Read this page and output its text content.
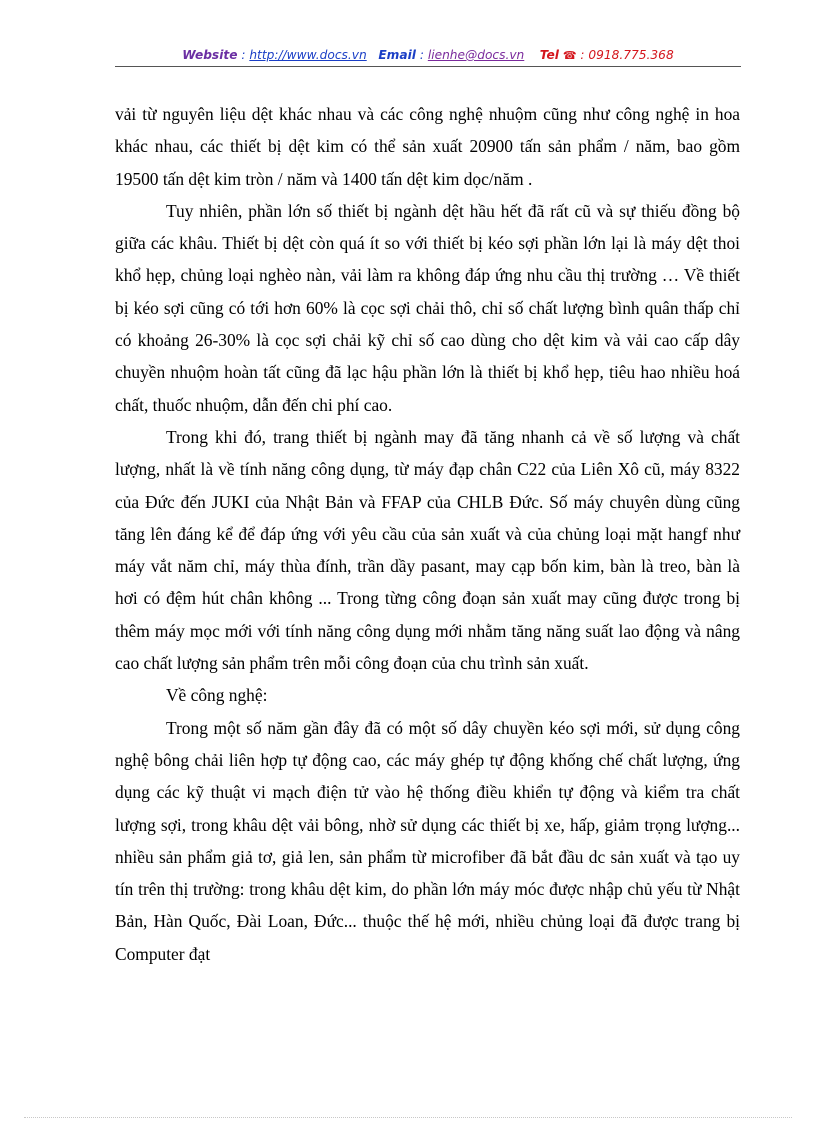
Website : http://www.docs.vn Email : lienhe@docs.vn Tel ☎ : 0918.775.368

vải từ nguyên liệu dệt khác nhau và các công nghệ nhuộm cũng như công nghệ in hoa khác nhau, các thiết bị dệt kim có thể sản xuất 20900 tấn sản phẩm / năm, bao gồm 19500 tấn dệt kim tròn / năm và 1400 tấn dệt kim dọc/năm .

Tuy nhiên, phần lớn số thiết bị ngành dệt hầu hết đã rất cũ và sự thiếu đồng bộ giữa các khâu. Thiết bị dệt còn quá ít so với thiết bị kéo sợi phần lớn lại là máy dệt thoi khổ hẹp, chủng loại nghèo nàn, vải làm ra không đáp ứng nhu cầu thị trường … Về thiết bị kéo sợi cũng có tới hơn 60% là cọc sợi chải thô, chỉ số chất lượng bình quân thấp chỉ có khoảng 26-30% là cọc sợi chải kỹ chỉ số cao dùng cho dệt kim và vải cao cấp dây chuyền nhuộm hoàn tất cũng đã lạc hậu phần lớn là thiết bị khổ hẹp, tiêu hao nhiều hoá chất, thuốc nhuộm, dẫn đến chi phí cao.

Trong khi đó, trang thiết bị ngành may đã tăng nhanh cả về số lượng và chất lượng, nhất là về tính năng công dụng, từ máy đạp chân C22 của Liên Xô cũ, máy 8322 của Đức đến JUKI của Nhật Bản và FFAP của CHLB Đức. Số máy chuyên dùng cũng tăng lên đáng kể để đáp ứng với yêu cầu của sản xuất và của chủng loại mặt hangf như máy vắt năm chỉ, máy thùa đính, trần dầy pasant, may cạp bốn kim, bàn là treo, bàn là hơi có đệm hút chân không ... Trong từng công đoạn sản xuất may cũng được trong bị thêm máy mọc mới với tính năng công dụng mới nhằm tăng năng suất lao động và nâng cao chất lượng sản phẩm trên mỗi công đoạn của chu trình sản xuất.

Về công nghệ:

Trong một số năm gần đây đã có một số dây chuyền kéo sợi mới, sử dụng công nghệ bông chải liên hợp tự động cao, các máy ghép tự động khống chế chất lượng, ứng dụng các kỹ thuật vi mạch điện tử vào hệ thống điều khiển tự động và kiểm tra chất lượng sợi, trong khâu dệt vải bông, nhờ sử dụng các thiết bị xe, hấp, giảm trọng lượng... nhiều sản phẩm giả tơ, giả len, sản phẩm từ microfiber đã bắt đầu dc sản xuất và tạo uy tín trên thị trường: trong khâu dệt kim, do phần lớn máy móc được nhập chủ yếu từ Nhật Bản, Hàn Quốc, Đài Loan, Đức... thuộc thế hệ mới, nhiều chủng loại đã được trang bị Computer đạt
